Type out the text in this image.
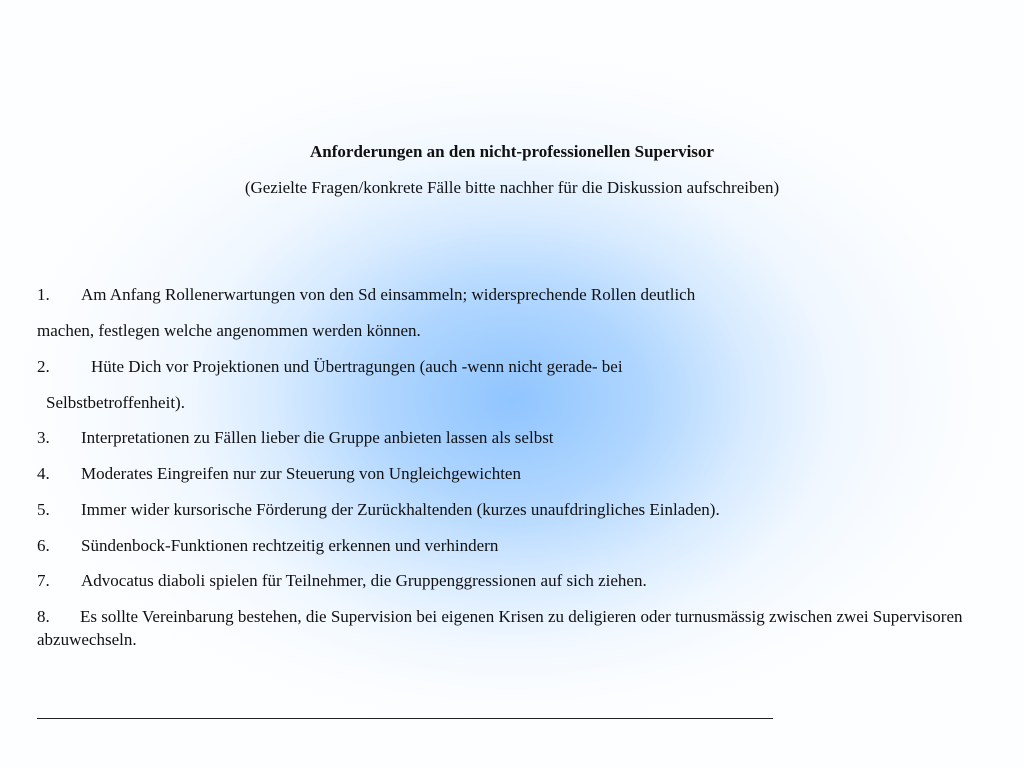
Anforderungen an den nicht-professionellen Supervisor
(Gezielte Fragen/konkrete Fälle bitte nachher für die Diskussion aufschreiben)
1. Am Anfang Rollenerwartungen von den Sd einsammeln; widersprechende Rollen deutlich
machen, festlegen welche angenommen werden können.
2. Hüte Dich vor Projektionen und Übertragungen (auch -wenn nicht gerade- bei
Selbstbetroffenheit).
3. Interpretationen zu Fällen lieber die Gruppe anbieten lassen als selbst
4. Moderates Eingreifen nur zur Steuerung von Ungleichgewichten
5. Immer wider kursorische Förderung der Zurückhaltenden (kurzes unaufdringliches Einladen).
6. Sündenbock-Funktionen rechtzeitig erkennen und verhindern
7. Advocatus diaboli spielen für Teilnehmer, die Gruppenggressionen auf sich ziehen.
8. Es sollte Vereinbarung bestehen, die Supervision bei eigenen Krisen zu deligieren oder turnusmässig zwischen zwei Supervisoren abzuwechseln.
